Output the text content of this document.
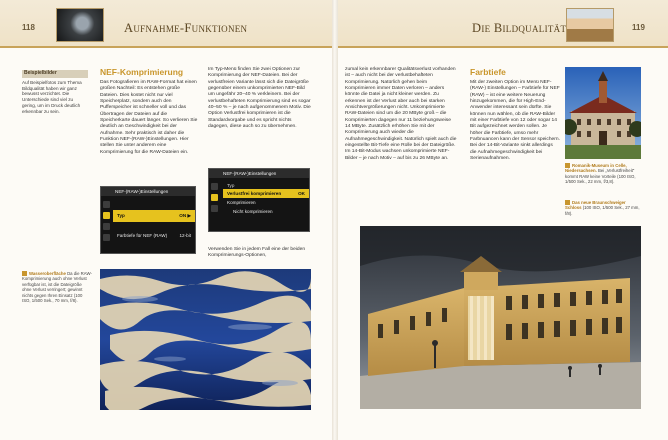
118	Aufnahme-Funktionen	Die Bildqualität	119
Beispielbilder

Auf Beispielfotos zum Thema Bildqualität haben wir ganz bewusst verzichtet. Die Unterschiede sind viel zu gering, um im Druck deutlich erkennbar zu sein.

NEF-Komprimierung

Das Fotografieren im RAW-Format hat einen großen Nachteil: Es entstehen große Dateien. Dies kostet nicht nur viel Speicherplatz, sondern auch den Pufferspeicher ist schneller voll und das Übertragen der Dateien auf die Speicherkarte dauert länger. So verlieren Sie deutlich an Geschwindigkeit bei der Aufnahme. Sehr praktisch ist daher die Funktion NEF-(RAW-)Einstellungen. Hier stellen Sie unter anderem eine Komprimierung für die RAW-Dateien ein.

Im Typ-Menü finden Sie zwei Optionen zur Komprimierung der NEF-Dateien. Bei der verlustfreien Variante lässt sich die Dateigröße gegenüber einem unkomprimierten NEF-Bild um ungefähr 20–40 % verkleinern. Bei der verlustbehafteten Komprimierung sind es sogar 40–50 % – je nach aufgenommenem Motiv. Die Option Verlustfrei komprimieren ist die Standardvorgabe und es spricht nichts dagegen, diese auch so zu übernehmen.

Verwenden Sie in jedem Fall eine der beiden Komprimierungs-Optionen,

NEF-(RAW-)Einstellungen
Typ	ON ▶
Farbtiefe für NEF (RAW)	12-bit
NEF-(RAW-)Einstellungen
Typ
Verlustfrei komprimieren	OK
Komprimieren
Nicht komprimieren
Wasseroberfläche Da die RAW-Komprimierung auch ohne Verlust verfügbar ist, ist die Dateigröße ohne Verlust verringert; gewinnt nichts gegen Ihren Einsatz (100 ISO, 1/500 Sek., 70 mm, f/8).

zumal kein erkennbarer Qualitätsverlust vorhanden ist – auch nicht bei der verlustbehafteten Komprimierung. Natürlich gehen beim Komprimieren immer Daten verloren – anders könnte die Datei ja nicht kleiner werden. Zu erkennen ist der Verlust aber auch bei starken Ansichtvergrößerungen nicht. Unkomprimierte RAW-Dateien sind um die 20 MByte groß – die Komprimierten dagegen nur 11 beziehungsweise 14 MByte. Zusätzlich erhöhen Sie mit der Komprimierung auch wieder die Aufnahmegeschwindigkeit. Natürlich spielt auch die eingestellte Bit-Tiefe eine Rolle bei der Dateigröße. Im 14-Bit-Modus wachsen unkomprimierte NEF-Bilder – je nach Motiv – auf bis zu 26 MByte an.

Farbtiefe

Mit der zweiten Option im Menü NEF-(RAW-) Einstellungen – Farbtiefe für NEF (RAW) – ist eine weitere Neuerung hinzugekommen, die für High-End-Anwender interessant sein dürfte. Sie können nun wählen, ob die RAW-Bilder mit einer Farbtiefe von 12 oder sogar 14 Bit aufgezeichnet werden sollen. Je höher die Farbtiefe, umso mehr Farbnuancen kann der Sensor speichern. Bei der 14-Bit-Variante sinkt allerdings die Aufnahmegeschwindigkeit bei Serienaufnahmen.

Romanik-Museum in Celle, Niedersachsen. Bei „Verlustfreiheit“ kommt RAW keine Vorteile (100 ISO, 1/500 Sek., 22 mm, f/3,8).
Das neue Braunschweiger Schloss (100 ISO, 1/500 Sek., 27 mm, f/8).
